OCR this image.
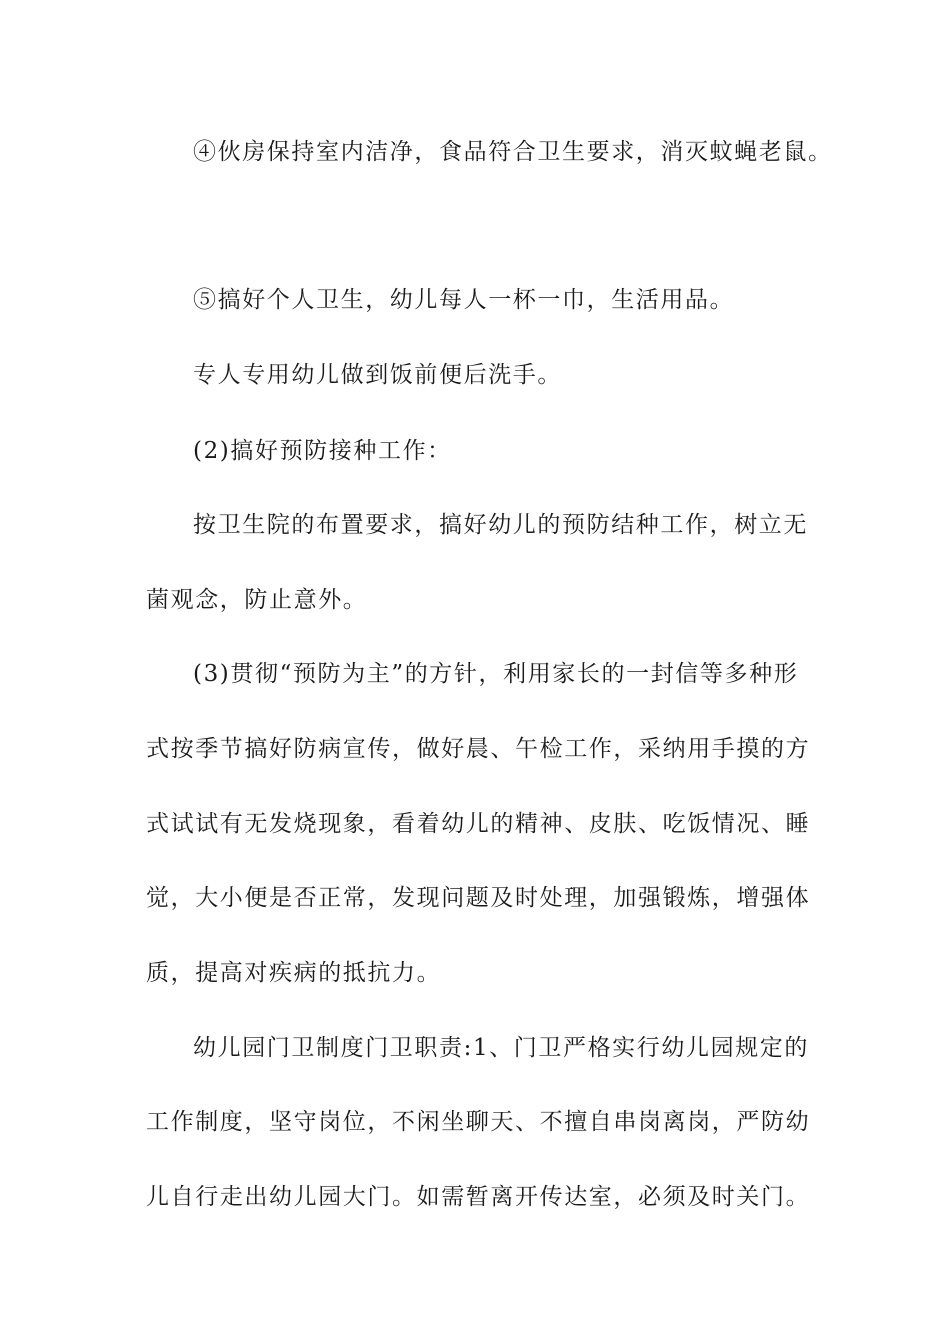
④伙房保持室内洁净，食品符合卫生要求，消灭蚊蝇老鼠。
⑤搞好个人卫生，幼儿每人一杯一巾，生活用品。
专人专用幼儿做到饭前便后洗手。
(2)搞好预防接种工作：
按卫生院的布置要求，搞好幼儿的预防结种工作，树立无
菌观念，防止意外。
(3)贯彻“预防为主”的方针，利用家长的一封信等多种形
式按季节搞好防病宣传，做好晨、午检工作，采纳用手摸的方
式试试有无发烧现象，看着幼儿的精神、皮肤、吃饭情况、睡
觉，大小便是否正常，发现问题及时处理，加强锻炼，增强体
质，提高对疾病的抵抗力。
幼儿园门卫制度门卫职责:1、门卫严格实行幼儿园规定的
工作制度，坚守岗位，不闲坐聊天、不擅自串岗离岗，严防幼
儿自行走出幼儿园大门。如需暂离开传达室，必须及时关门。
